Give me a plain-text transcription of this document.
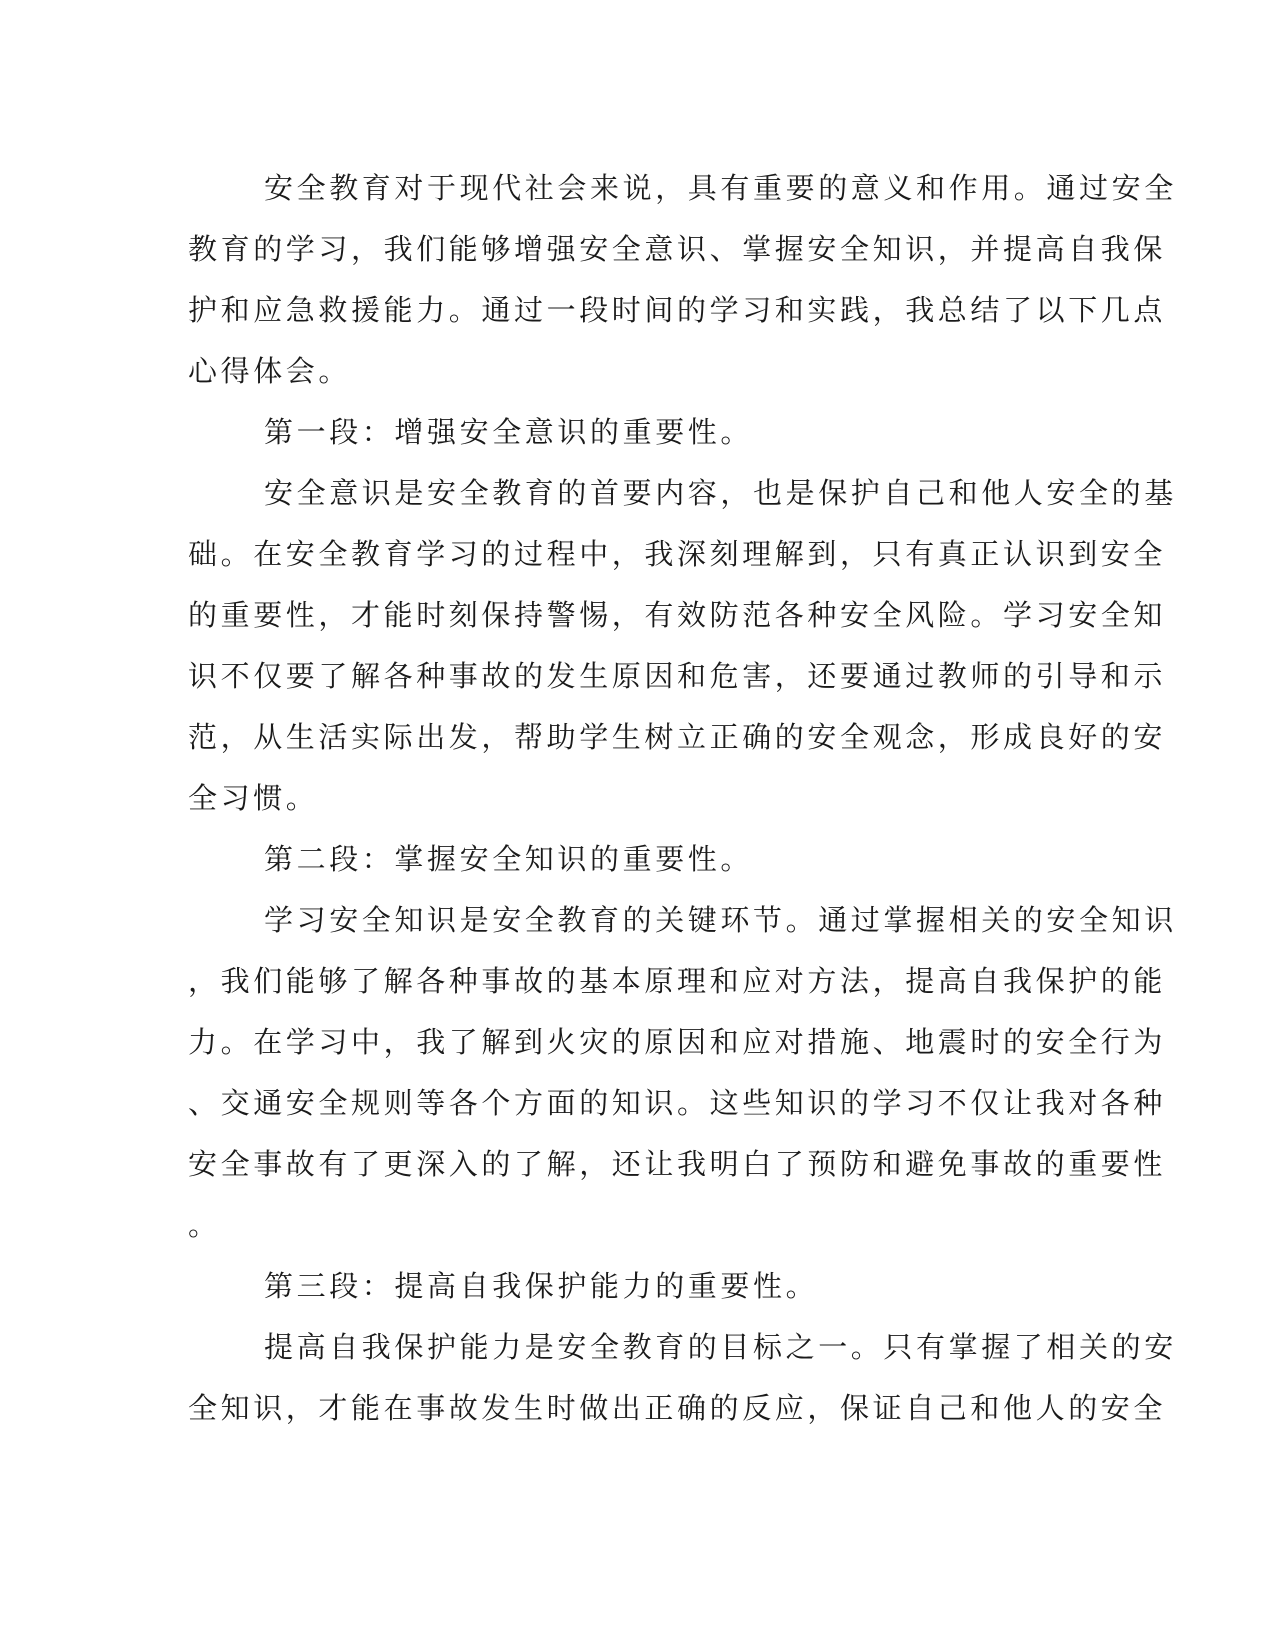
安全教育对于现代社会来说，具有重要的意义和作用。通过安全
教育的学习，我们能够增强安全意识、掌握安全知识，并提高自我保
护和应急救援能力。通过一段时间的学习和实践，我总结了以下几点
心得体会。
第一段：增强安全意识的重要性。
安全意识是安全教育的首要内容，也是保护自己和他人安全的基
础。在安全教育学习的过程中，我深刻理解到，只有真正认识到安全
的重要性，才能时刻保持警惕，有效防范各种安全风险。学习安全知
识不仅要了解各种事故的发生原因和危害，还要通过教师的引导和示
范，从生活实际出发，帮助学生树立正确的安全观念，形成良好的安
全习惯。
第二段：掌握安全知识的重要性。
学习安全知识是安全教育的关键环节。通过掌握相关的安全知识
，我们能够了解各种事故的基本原理和应对方法，提高自我保护的能
力。在学习中，我了解到火灾的原因和应对措施、地震时的安全行为
、交通安全规则等各个方面的知识。这些知识的学习不仅让我对各种
安全事故有了更深入的了解，还让我明白了预防和避免事故的重要性
。
第三段：提高自我保护能力的重要性。
提高自我保护能力是安全教育的目标之一。只有掌握了相关的安
全知识，才能在事故发生时做出正确的反应，保证自己和他人的安全
